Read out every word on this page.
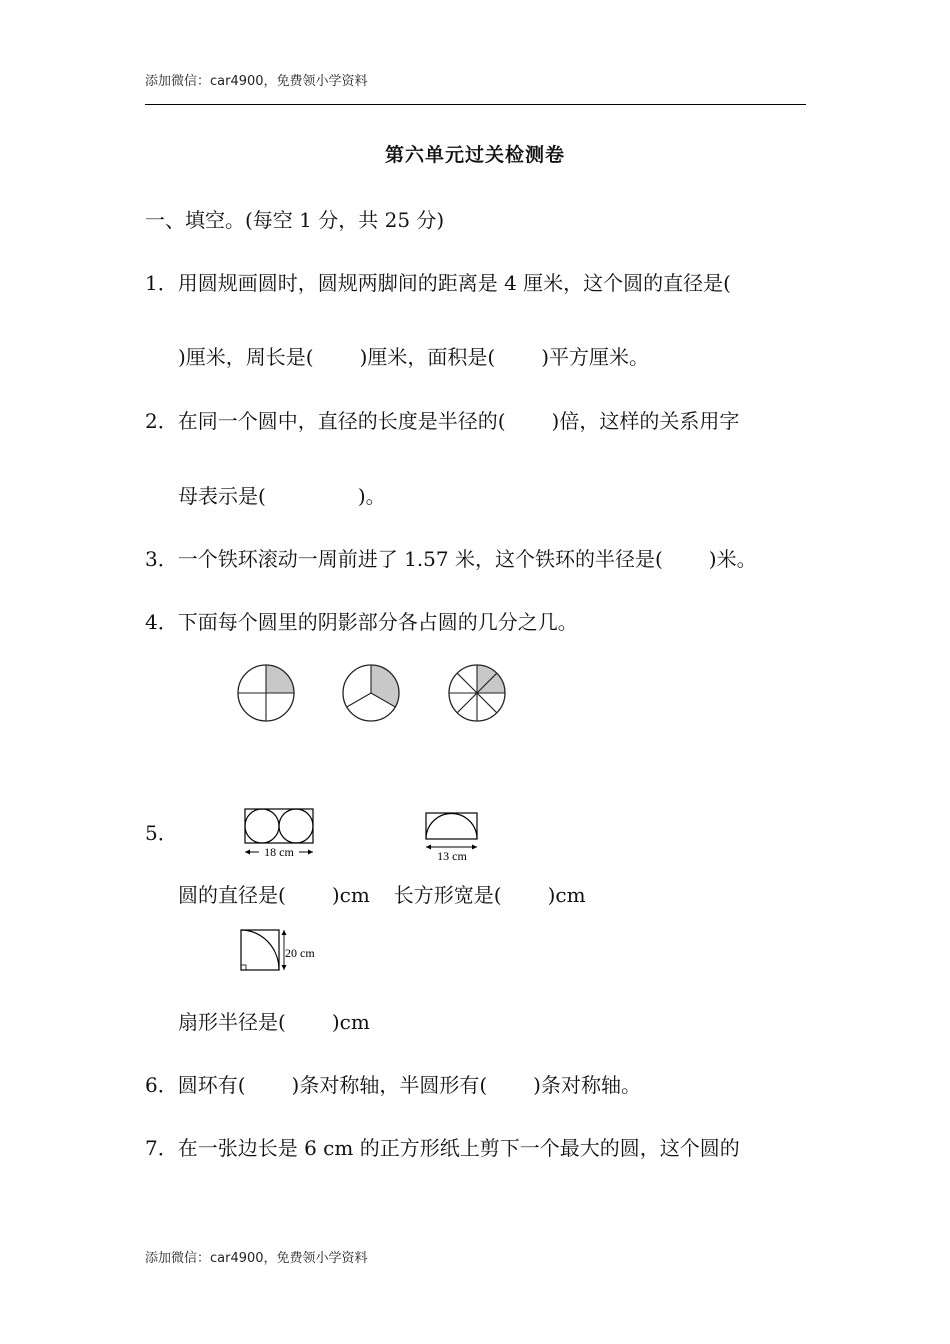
添加微信：car4900，免费领小学资料
第六单元过关检测卷
一、填空。(每空 1 分，共 25 分)
1．用圆规画圆时，圆规两脚间的距离是 4 厘米，这个圆的直径是(
)厘米，周长是( )厘米，面积是( )平方厘米。
2．在同一个圆中，直径的长度是半径的( )倍，这样的关系用字
母表示是(	)。
3．一个铁环滚动一周前进了 1.57 米，这个铁环的半径是( )米。
4．下面每个圆里的阴影部分各占圆的几分之几。
5．
18 cm	13 cm
圆的直径是( )cm 长方形宽是( )cm
20 cm
扇形半径是( )cm
6．圆环有( )条对称轴，半圆形有( )条对称轴。
7．在一张边长是 6 cm 的正方形纸上剪下一个最大的圆，这个圆的
添加微信：car4900，免费领小学资料
